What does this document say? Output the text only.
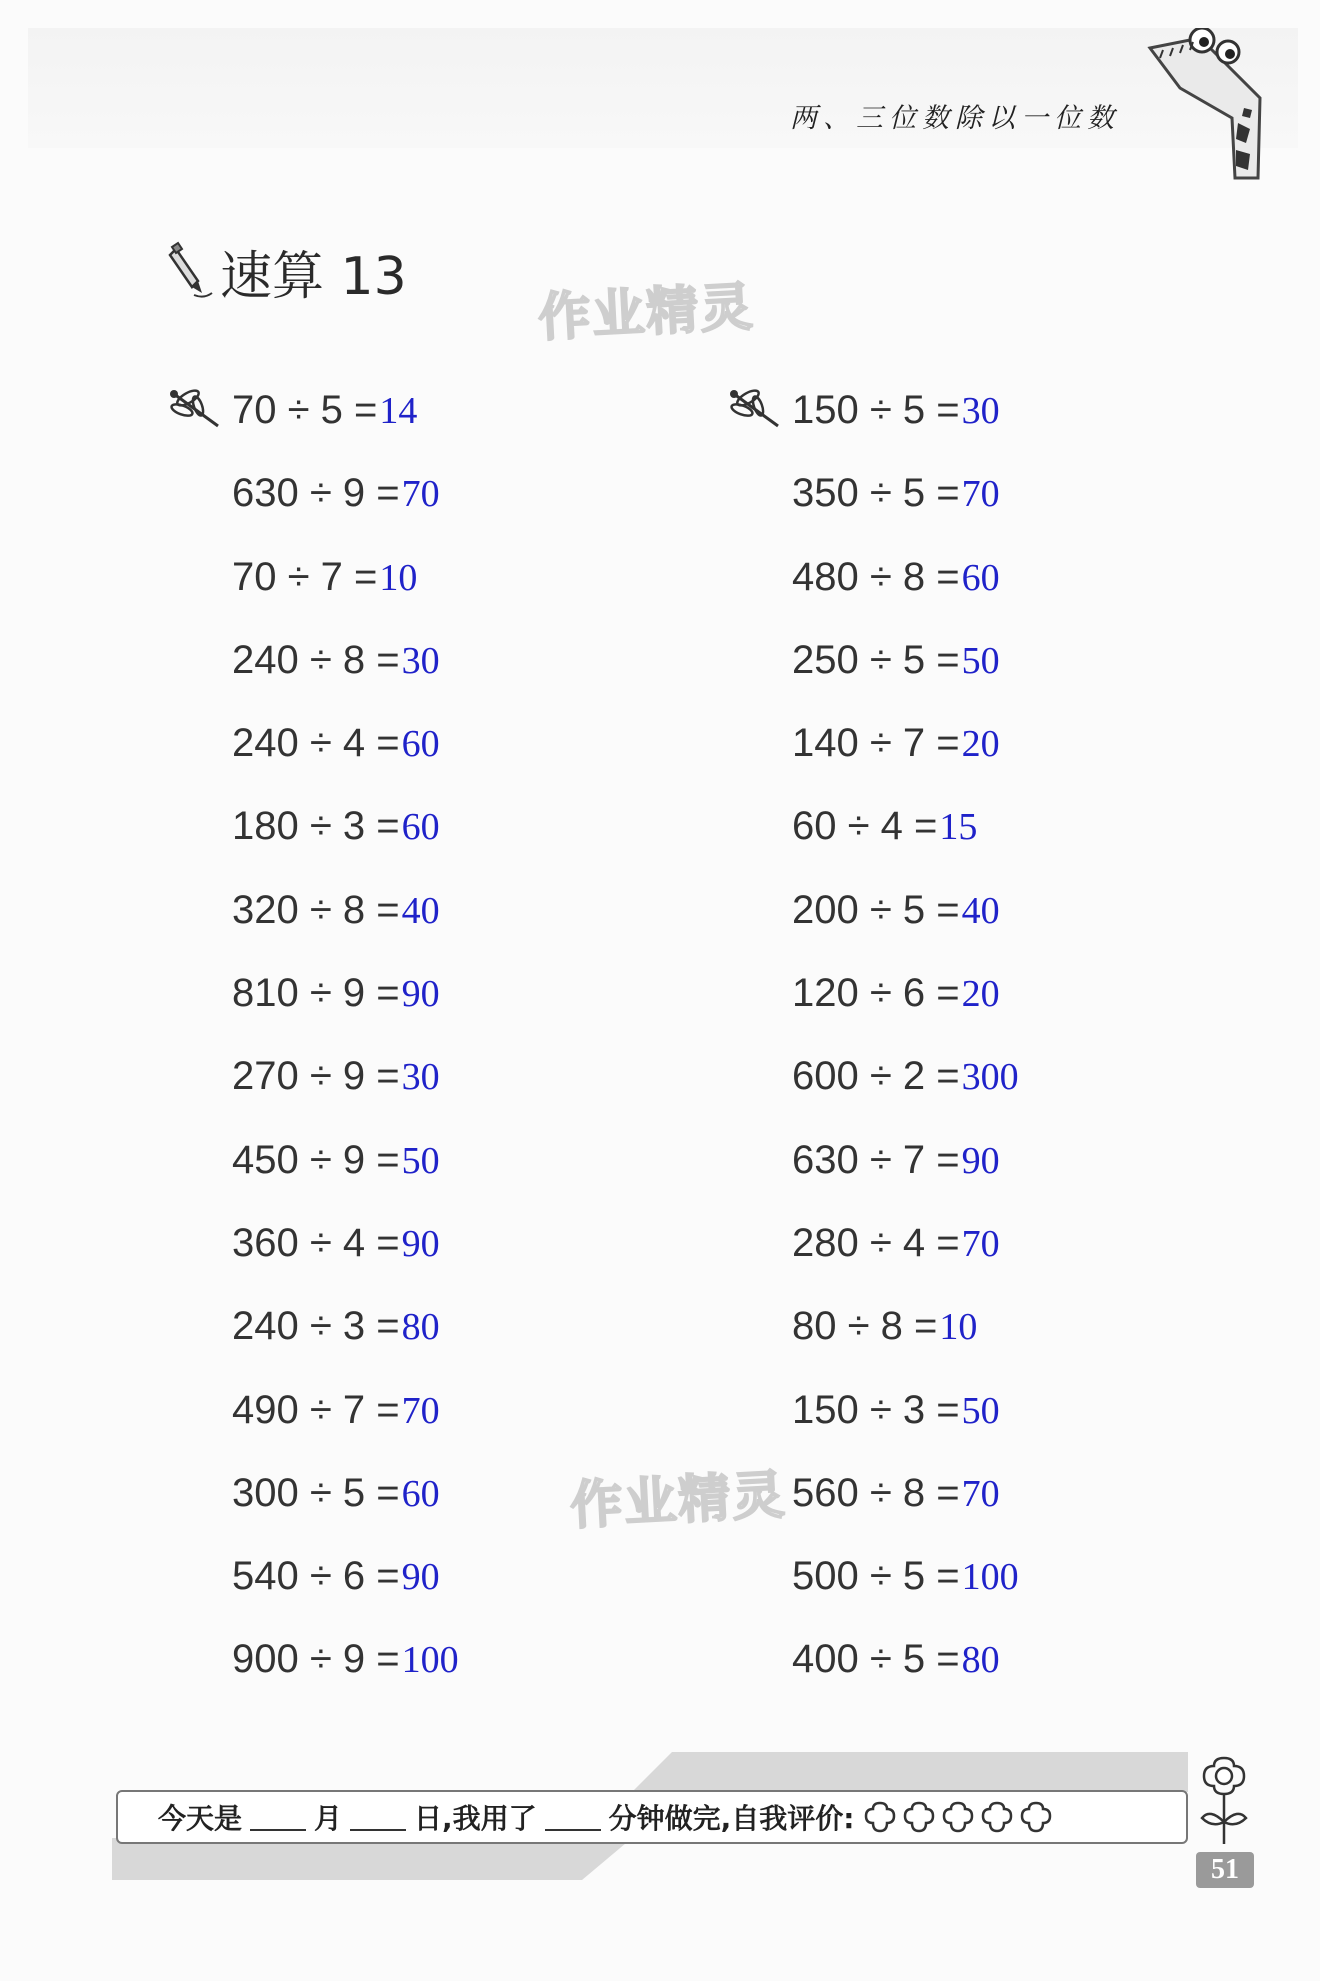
两、三位数除以一位数
速算 13
作业精灵
作业精灵
70 ÷ 5 =14
630 ÷ 9 =70
70 ÷ 7 =10
240 ÷ 8 =30
240 ÷ 4 =60
180 ÷ 3 =60
320 ÷ 8 =40
810 ÷ 9 =90
270 ÷ 9 =30
450 ÷ 9 =50
360 ÷ 4 =90
240 ÷ 3 =80
490 ÷ 7 =70
300 ÷ 5 =60
540 ÷ 6 =90
900 ÷ 9 =100
150 ÷ 5 =30
350 ÷ 5 =70
480 ÷ 8 =60
250 ÷ 5 =50
140 ÷ 7 =20
60 ÷ 4 =15
200 ÷ 5 =40
120 ÷ 6 =20
600 ÷ 2 =300
630 ÷ 7 =90
280 ÷ 4 =70
80 ÷ 8 =10
150 ÷ 3 =50
560 ÷ 8 =70
500 ÷ 5 =100
400 ÷ 5 =80
今天是	月	日,我用了	分钟做完,自我评价:
51
